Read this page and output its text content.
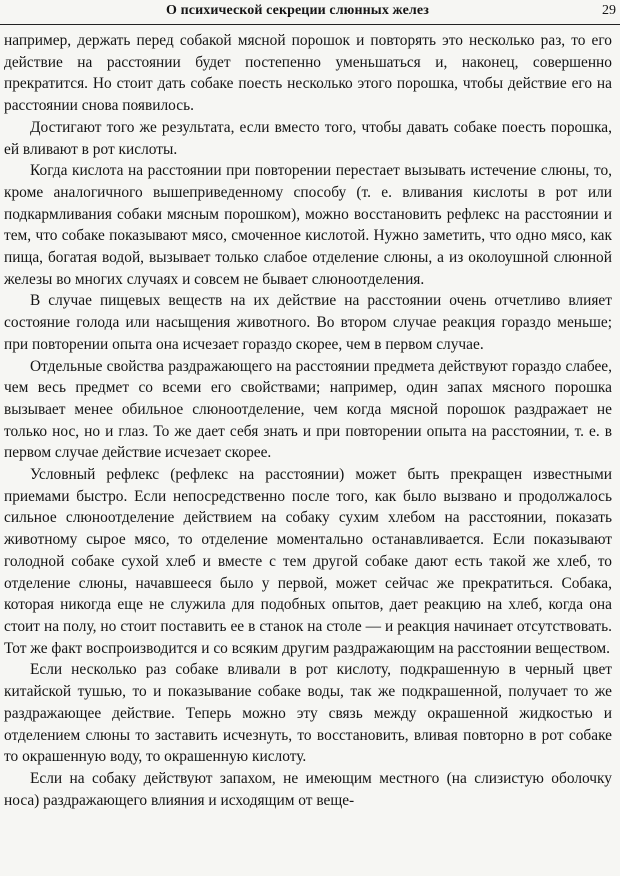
О психической секреции слюнных желез	29

например, держать перед собакой мясной порошок и повторять это несколько раз, то его действие на расстоянии будет постепенно уменьшаться и, наконец, совершенно прекратится. Но стоит дать собаке поесть несколько этого порошка, чтобы действие его на расстоянии снова появилось.

Достигают того же результата, если вместо того, чтобы давать собаке поесть порошка, ей вливают в рот кислоты.

Когда кислота на расстоянии при повторении перестает вызывать истечение слюны, то, кроме аналогичного вышеприведенному способу (т. е. вливания кислоты в рот или подкармливания собаки мясным порошком), можно восстановить рефлекс на расстоянии и тем, что собаке показывают мясо, смоченное кислотой. Нужно заметить, что одно мясо, как пища, богатая водой, вызывает только слабое отделение слюны, а из околоушной слюнной железы во многих случаях и совсем не бывает слюноотделения.

В случае пищевых веществ на их действие на расстоянии очень отчетливо влияет состояние голода или насыщения животного. Во втором случае реакция гораздо меньше; при повторении опыта она исчезает гораздо скорее, чем в первом случае.

Отдельные свойства раздражающего на расстоянии предмета действуют гораздо слабее, чем весь предмет со всеми его свойствами; например, один запах мясного порошка вызывает менее обильное слюноотделение, чем когда мясной порошок раздражает не только нос, но и глаз. То же дает себя знать и при повторении опыта на расстоянии, т. е. в первом случае действие исчезает скорее.

Условный рефлекс (рефлекс на расстоянии) может быть прекращен известными приемами быстро. Если непосредственно после того, как было вызвано и продолжалось сильное слюноотделение действием на собаку сухим хлебом на расстоянии, показать животному сырое мясо, то отделение моментально останавливается. Если показывают голодной собаке сухой хлеб и вместе с тем другой собаке дают есть такой же хлеб, то отделение слюны, начавшееся было у первой, может сейчас же прекратиться. Собака, которая никогда еще не служила для подобных опытов, дает реакцию на хлеб, когда она стоит на полу, но стоит поставить ее в станок на столе — и реакция начинает отсутствовать. Тот же факт воспроизводится и со всяким другим раздражающим на расстоянии веществом.

Если несколько раз собаке вливали в рот кислоту, подкрашенную в черный цвет китайской тушью, то и показывание собаке воды, так же подкрашенной, получает то же раздражающее действие. Теперь можно эту связь между окрашенной жидкостью и отделением слюны то заставить исчезнуть, то восстановить, вливая повторно в рот собаке то окрашенную воду, то окрашенную кислоту.

Если на собаку действуют запахом, не имеющим местного (на слизистую оболочку носа) раздражающего влияния и исходящим от веще-
